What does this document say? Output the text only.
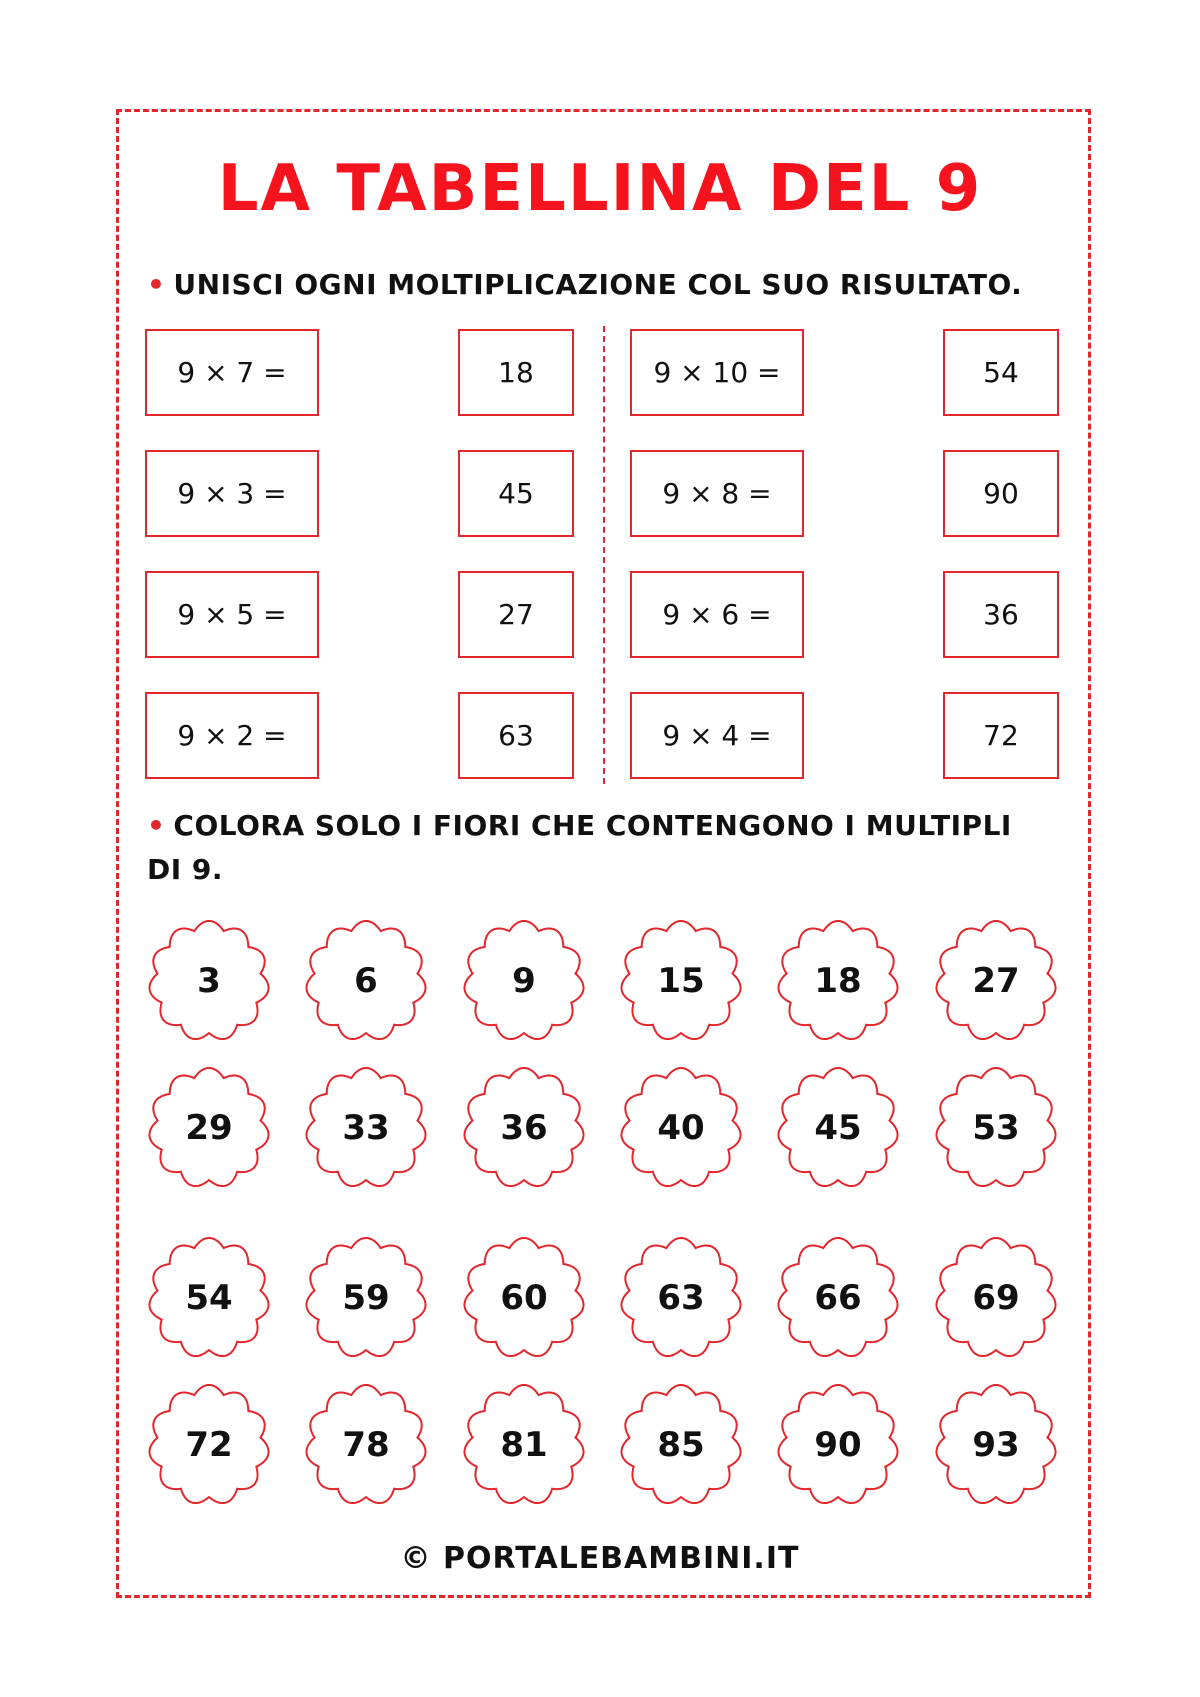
LA TABELLINA DEL 9
• UNISCI OGNI MOLTIPLICAZIONE COL SUO RISULTATO.
9 × 7 =
9 × 3 =
9 × 5 =
9 × 2 =
18
45
27
63
9 × 10 =
9 × 8 =
9 × 6 =
9 × 4 =
54
90
36
72
• COLORA SOLO I FIORI CHE CONTENGONO I MULTIPLI
DI 9.
3	6	9	15	18	27
29	33	36	40	45	53
54	59	60	63	66	69
72	78	81	85	90	93
© PORTALEBAMBINI.IT
